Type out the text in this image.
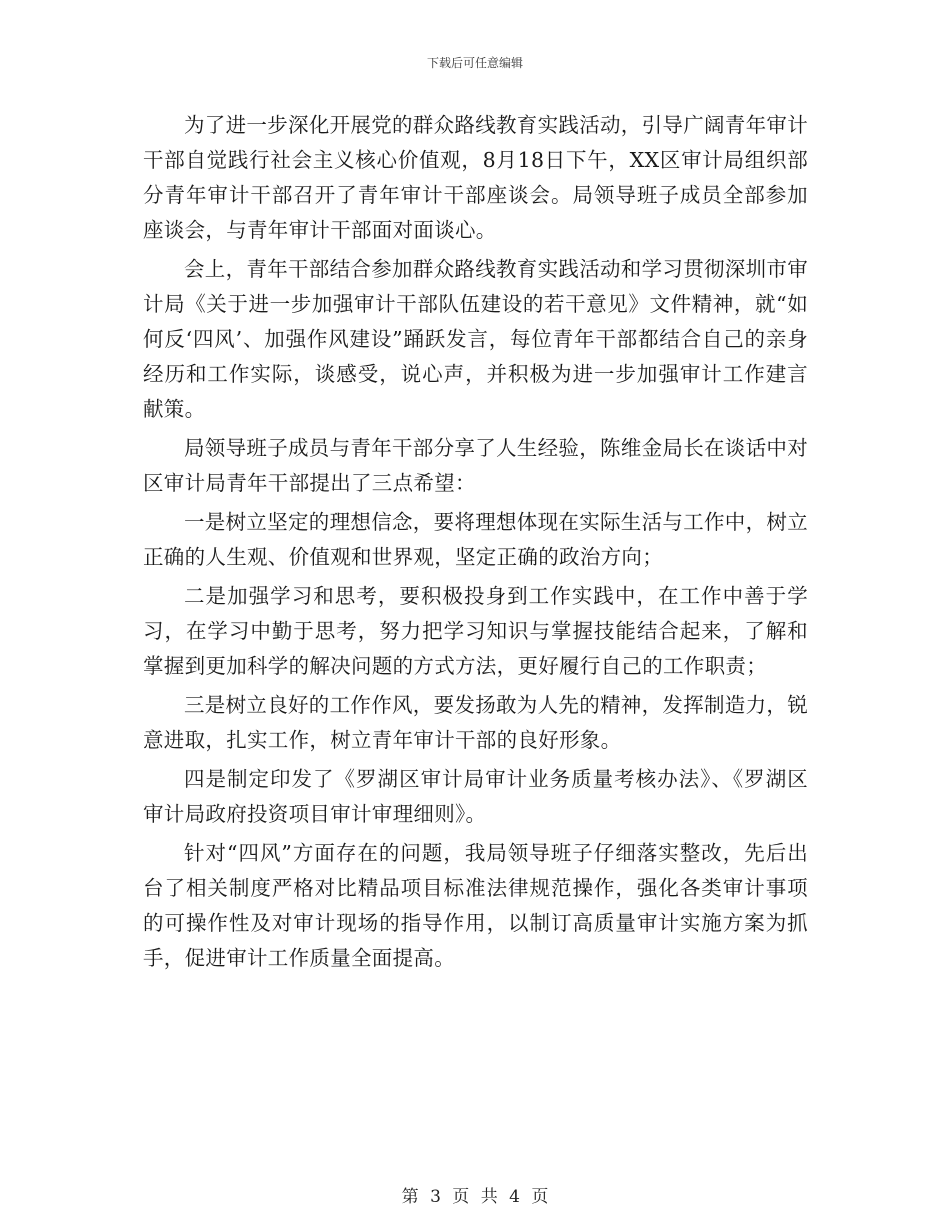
下载后可任意编辑

为了进一步深化开展党的群众路线教育实践活动，引导广阔青年审计干部自觉践行社会主义核心价值观，8月18日下午，XX区审计局组织部分青年审计干部召开了青年审计干部座谈会。局领导班子成员全部参加座谈会，与青年审计干部面对面谈心。

会上，青年干部结合参加群众路线教育实践活动和学习贯彻深圳市审计局《关于进一步加强审计干部队伍建设的若干意见》文件精神，就“如何反‘四风’、加强作风建设”踊跃发言，每位青年干部都结合自己的亲身经历和工作实际，谈感受，说心声，并积极为进一步加强审计工作建言献策。

局领导班子成员与青年干部分享了人生经验，陈维金局长在谈话中对区审计局青年干部提出了三点希望：

一是树立坚定的理想信念，要将理想体现在实际生活与工作中，树立正确的人生观、价值观和世界观，坚定正确的政治方向；

二是加强学习和思考，要积极投身到工作实践中，在工作中善于学习，在学习中勤于思考，努力把学习知识与掌握技能结合起来，了解和掌握到更加科学的解决问题的方式方法，更好履行自己的工作职责；

三是树立良好的工作作风，要发扬敢为人先的精神，发挥制造力，锐意进取，扎实工作，树立青年审计干部的良好形象。

四是制定印发了《罗湖区审计局审计业务质量考核办法》、《罗湖区审计局政府投资项目审计审理细则》。

针对“四风”方面存在的问题，我局领导班子仔细落实整改，先后出台了相关制度严格对比精品项目标准法律规范操作，强化各类审计事项的可操作性及对审计现场的指导作用，以制订高质量审计实施方案为抓手，促进审计工作质量全面提高。

第 3 页 共 4 页
